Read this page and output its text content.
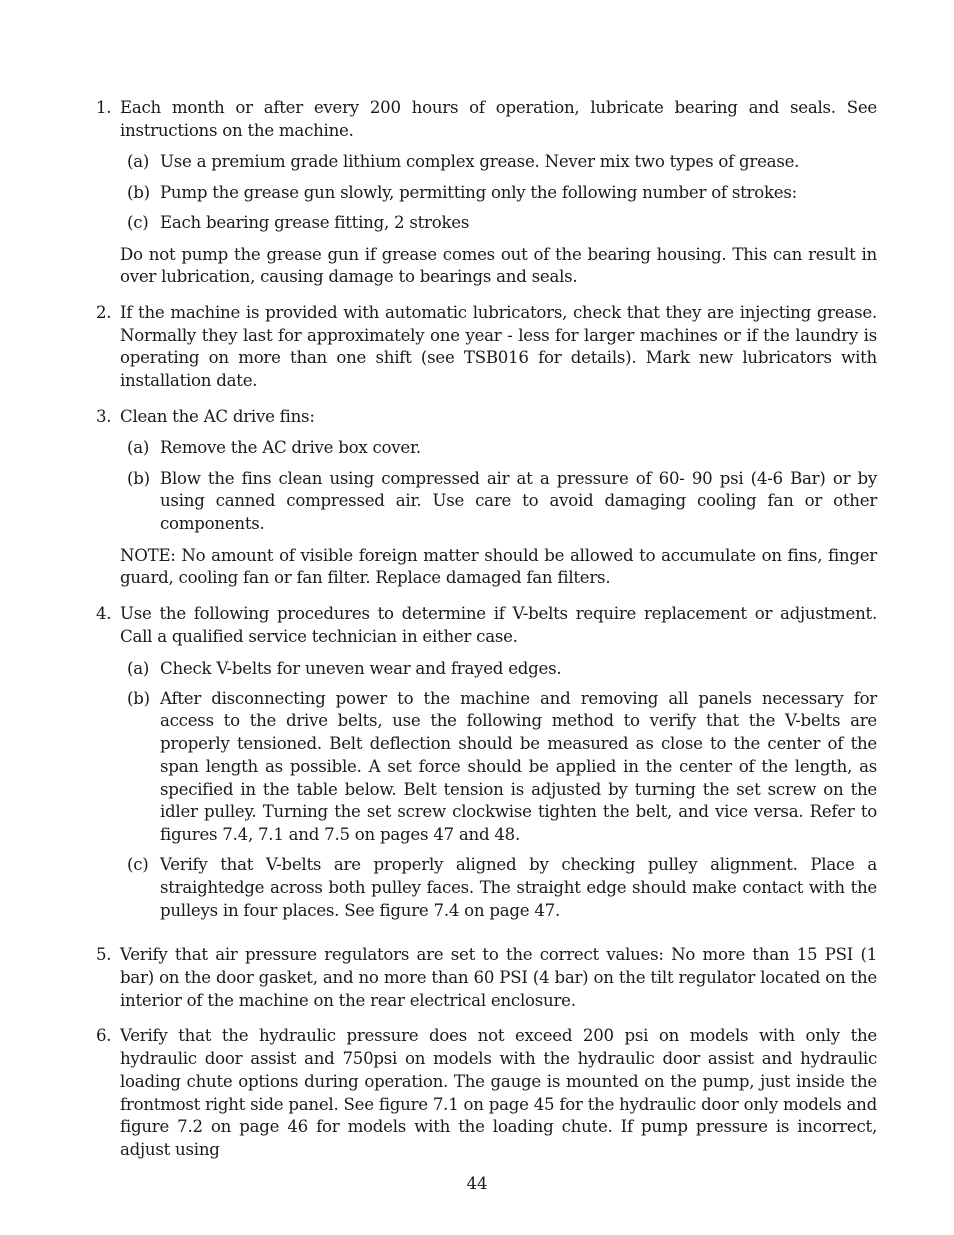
1. Each month or after every 200 hours of operation, lubricate bearing and seals. See instructions on the machine.

(a) Use a premium grade lithium complex grease. Never mix two types of grease.
(b) Pump the grease gun slowly, permitting only the following number of strokes:
(c) Each bearing grease fitting, 2 strokes

Do not pump the grease gun if grease comes out of the bearing housing. This can result in over lubrication, causing damage to bearings and seals.

2. If the machine is provided with automatic lubricators, check that they are injecting grease. Normally they last for approximately one year - less for larger machines or if the laundry is operating on more than one shift (see TSB016 for details). Mark new lubricators with installation date.

3. Clean the AC drive fins:

(a) Remove the AC drive box cover.
(b) Blow the fins clean using compressed air at a pressure of 60- 90 psi (4-6 Bar) or by using canned compressed air. Use care to avoid damaging cooling fan or other components.

NOTE: No amount of visible foreign matter should be allowed to accumulate on fins, finger guard, cooling fan or fan filter. Replace damaged fan filters.

4. Use the following procedures to determine if V-belts require replacement or adjustment. Call a qualified service technician in either case.

(a) Check V-belts for uneven wear and frayed edges.
(b) After disconnecting power to the machine and removing all panels necessary for access to the drive belts, use the following method to verify that the V-belts are properly tensioned. Belt deflection should be measured as close to the center of the span length as possible. A set force should be applied in the center of the length, as specified in the table below. Belt tension is adjusted by turning the set screw on the idler pulley. Turning the set screw clockwise tighten the belt, and vice versa. Refer to figures 7.4, 7.1 and 7.5 on pages 47 and 48.
(c) Verify that V-belts are properly aligned by checking pulley alignment. Place a straightedge across both pulley faces. The straight edge should make contact with the pulleys in four places. See figure 7.4 on page 47.
5. Verify that air pressure regulators are set to the correct values: No more than 15 PSI (1 bar) on the door gasket, and no more than 60 PSI (4 bar) on the tilt regulator located on the interior of the machine on the rear electrical enclosure.

6. Verify that the hydraulic pressure does not exceed 200 psi on models with only the hydraulic door assist and 750psi on models with the hydraulic door assist and hydraulic loading chute options during operation. The gauge is mounted on the pump, just inside the frontmost right side panel. See figure 7.1 on page 45 for the hydraulic door only models and figure 7.2 on page 46 for models with the loading chute. If pump pressure is incorrect, adjust using

44
